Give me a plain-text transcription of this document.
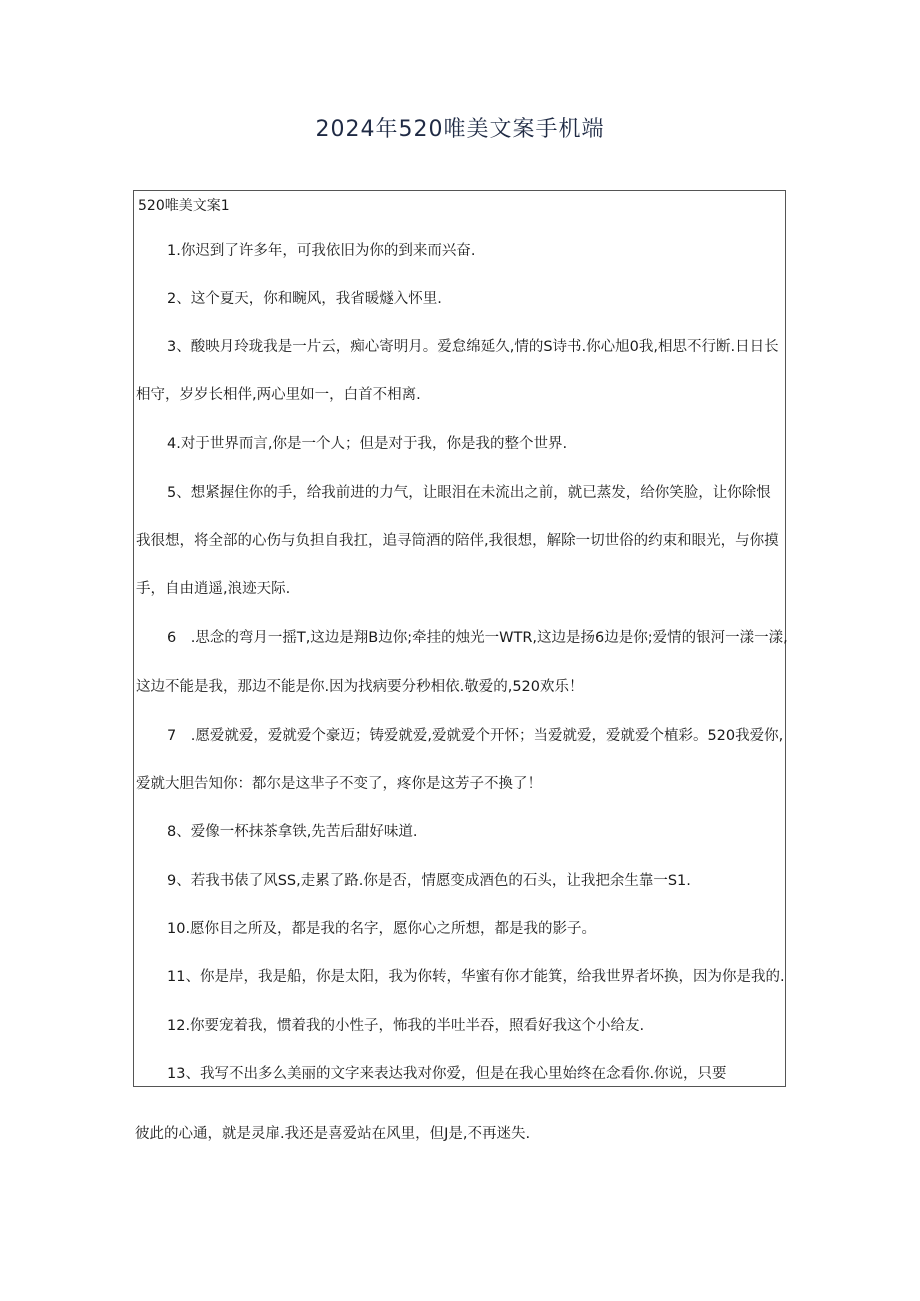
2024年520唯美文案手机端
520唯美文案1
1.你迟到了许多年，可我依旧为你的到来而兴奋.
2、这个夏天，你和畹风，我省暖燧入怀里.
3、酸映月玲珑我是一片云，痴心寄明月。爱怠绵延久,情的S诗书.你心旭0我,相思不行断.日日长
相守，岁岁长相伴,两心里如一，白首不相离.
4.对于世界而言,你是一个人；但是对于我，你是我的整个世界.
5、想紧握住你的手，给我前进的力气，让眼泪在未流出之前，就已蒸发，给你笑脸，让你除恨
我很想，将全部的心伤与负担自我扛，追寻筒酒的陪伴,我很想，解除一切世俗的约束和眼光，与你摸
手，自由逍遥,浪迹天际.
6　.思念的弯月一摇T,这边是翔B边你;牵挂的烛光一WTR,这边是扬6边是你;爱情的银河一漾一漾,
这边不能是我，那边不能是你.因为找病要分秒相依.敬爱的,520欢乐！
7　.愿爱就爱，爱就爱个豪迈；铸爱就爱,爱就爱个开怀；当爱就爱，爱就爱个植彩。520我爱你,
爱就大胆告知你：都尔是这芈子不变了，疼你是这芳子不換了！
8、爱像一杯抹茶拿铁,先苦后甜好味道.
9、若我书俵了风SS,走累了路.你是否，情愿变成酒色的石头，让我把余生靠一S1.
10.愿你目之所及，都是我的名字，愿你心之所想，都是我的影子。
11、你是岸，我是船，你是太阳，我为你转，华蜜有你才能箕，给我世界者坏换，因为你是我的.
12.你要宠着我，惯着我的小性子，怖我的半吐半吞，照看好我这个小给友.
13、我写不出多么美丽的文字来表达我对你爱，但是在我心里始终在念看你.你说，只要
彼此的心通，就是灵扉.我还是喜爱站在风里，但J是,不再迷失.
